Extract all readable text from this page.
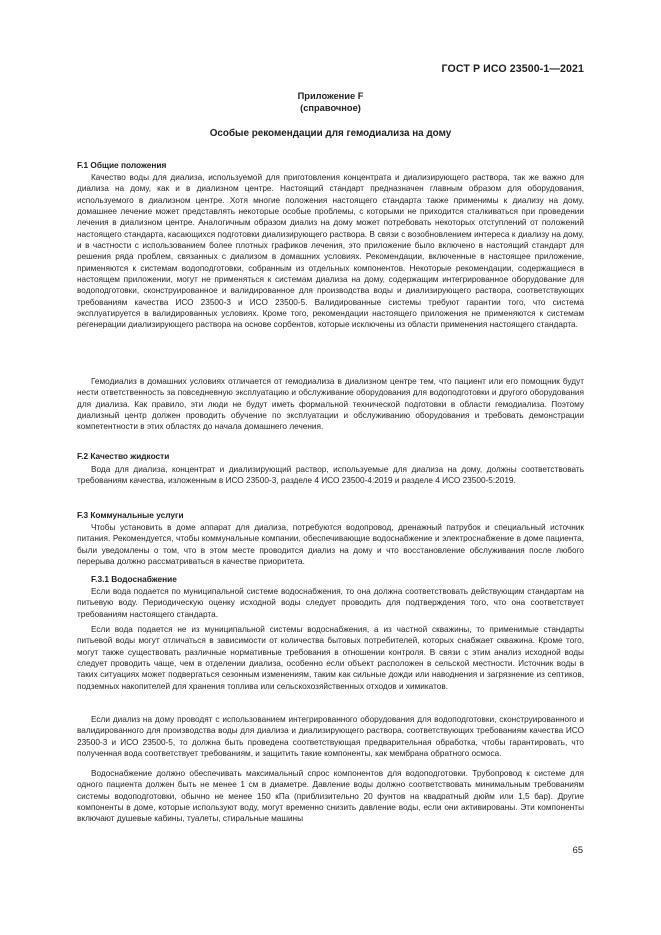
ГОСТ Р ИСО 23500-1—2021
Приложение F
(справочное)
Особые рекомендации для гемодиализа на дому
F.1 Общие положения

Качество воды для диализа, используемой для приготовления концентрата и диализирующего раствора, так же важно для диализа на дому, как и в диализном центре. Настоящий стандарт предназначен главным образом для оборудования, используемого в диализном центре. Хотя многие положения настоящего стандарта также применимы к диализу на дому, домашнее лечение может представлять некоторые особые проблемы, с которыми не приходится сталкиваться при проведении лечения в диализном центре. Аналогичным образом диализ на дому может потребовать некоторых отступлений от положений настоящего стандарта, касающихся подготовки диализирующего раствора. В связи с возобновлением интереса к диализу на дому, и в частности с использованием более плотных графиков лечения, это приложение было включено в настоящий стандарт для решения ряда проблем, связанных с диализом в домашних условиях. Рекомендации, включенные в настоящее приложение, применяются к системам водоподготовки, собранным из отдельных компонентов. Некоторые рекомендации, содержащиеся в настоящем приложении, могут не применяться к системам диализа на дому, содержащим интегрированное оборудование для водоподготовки, сконструированное и валидированное для производства воды и диализирующего раствора, соответствующих требованиям качества ИСО 23500-3 и ИСО 23500-5. Валидированные системы требуют гарантии того, что система эксплуатируется в валидированных условиях. Кроме того, рекомендации настоящего приложения не применяются к системам регенерации диализирующего раствора на основе сорбентов, которые исключены из области применения настоящего стандарта.

Гемодиализ в домашних условиях отличается от гемодиализа в диализном центре тем, что пациент или его помощник будут нести ответственность за повседневную эксплуатацию и обслуживание оборудования для водоподготовки и другого оборудования для диализа. Как правило, эти люди не будут иметь формальной технической подготовки в области гемодиализа. Поэтому диализный центр должен проводить обучение по эксплуатации и обслуживанию оборудования и требовать демонстрации компетентности в этих областях до начала домашнего лечения.

F.2 Качество жидкости

Вода для диализа, концентрат и диализирующий раствор, используемые для диализа на дому, должны соответствовать требованиям качества, изложенным в ИСО 23500-3, разделе 4 ИСО 23500-4:2019 и разделе 4 ИСО 23500-5:2019.

F.3 Коммунальные услуги

Чтобы установить в доме аппарат для диализа, потребуются водопровод, дренажный патрубок и специальный источник питания. Рекомендуется, чтобы коммунальные компании, обеспечивающие водоснабжение и электроснабжение в доме пациента, были уведомлены о том, что в этом месте проводится диализ на дому и что восстановление обслуживания после любого перерыва должно рассматриваться в качестве приоритета.

F.3.1 Водоснабжение

Если вода подается по муниципальной системе водоснабжения, то она должна соответствовать действующим стандартам на питьевую воду. Периодическую оценку исходной воды следует проводить для подтверждения того, что она соответствует требованиям настоящего стандарта.

Если вода подается не из муниципальной системы водоснабжения, а из частной скважины, то применимые стандарты питьевой воды могут отличаться в зависимости от количества бытовых потребителей, которых снабжает скважина. Кроме того, могут также существовать различные нормативные требования в отношении контроля. В связи с этим анализ исходной воды следует проводить чаще, чем в отделении диализа, особенно если объект расположен в сельской местности. Источник воды в таких ситуациях может подвергаться сезонным изменениям, таким как сильные дожди или наводнения и загрязнение из септиков, подземных накопителей для хранения топлива или сельскохозяйственных отходов и химикатов.

Если диализ на дому проводят с использованием интегрированного оборудования для водоподготовки, сконструированного и валидированного для производства воды для диализа и диализирующего раствора, соответствующих требованиям качества ИСО 23500-3 и ИСО 23500-5, то должна быть проведена соответствующая предварительная обработка, чтобы гарантировать, что полученная вода соответствует требованиям, и защитить такие компоненты, как мембрана обратного осмоса.

Водоснабжение должно обеспечивать максимальный спрос компонентов для водоподготовки. Трубопровод к системе для одного пациента должен быть не менее 1 см в диаметре. Давление воды должно соответствовать минимальным требованиям системы водоподготовки, обычно не менее 150 кПа (приблизительно 20 фунтов на квадратный дюйм или 1,5 бар). Другие компоненты в доме, которые используют воду, могут временно снизить давление воды, если они активированы. Эти компоненты включают душевые кабины, туалеты, стиральные машины

65
